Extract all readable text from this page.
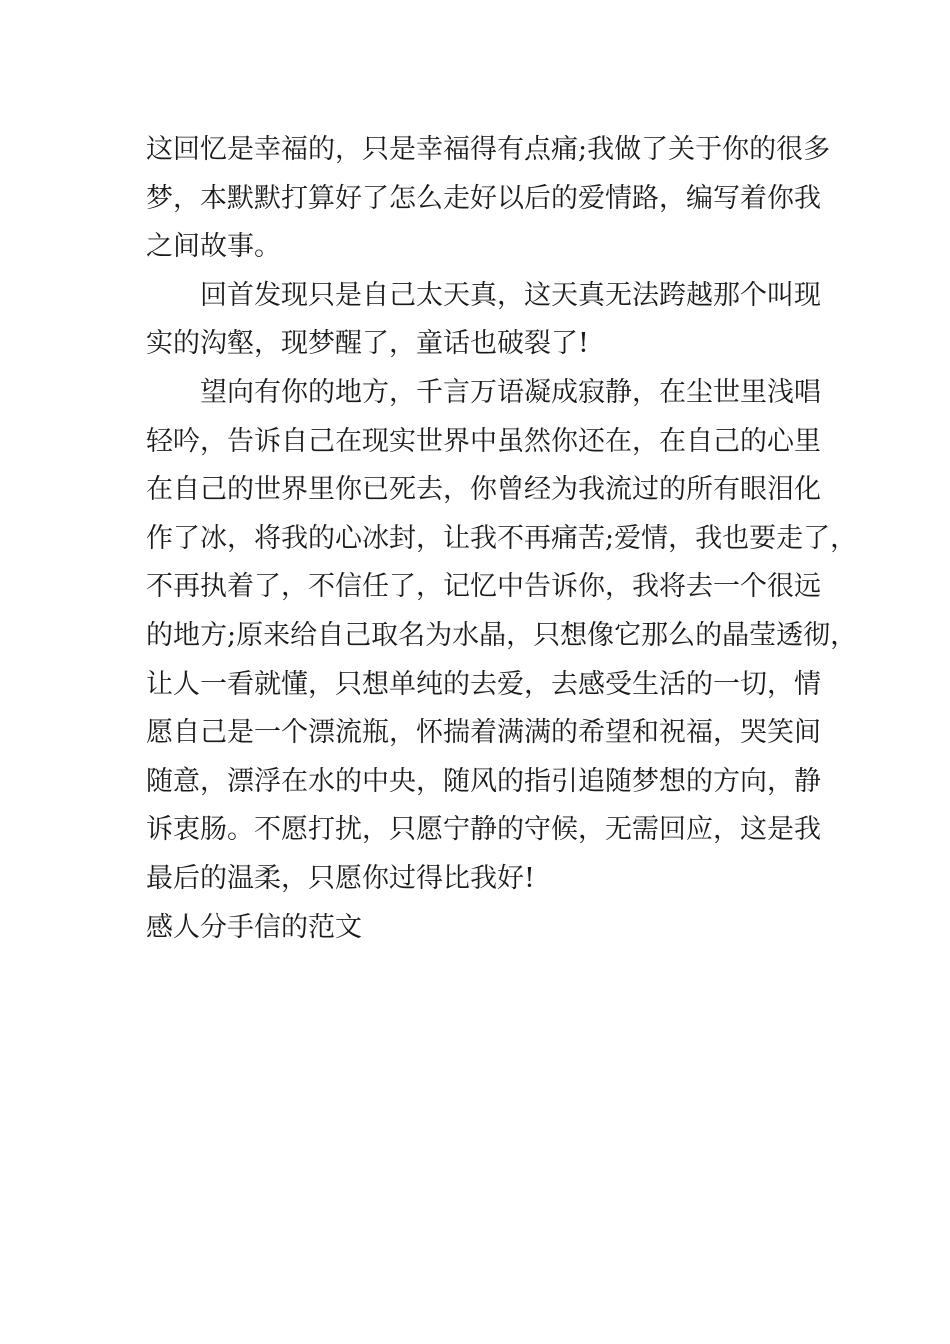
这回忆是幸福的，只是幸福得有点痛;我做了关于你的很多
梦，本默默打算好了怎么走好以后的爱情路，编写着你我
之间故事。
回首发现只是自己太天真，这天真无法跨越那个叫现
实的沟壑，现梦醒了，童话也破裂了!
望向有你的地方，千言万语凝成寂静，在尘世里浅唱
轻吟，告诉自己在现实世界中虽然你还在，在自己的心里
在自己的世界里你已死去，你曾经为我流过的所有眼泪化
作了冰，将我的心冰封，让我不再痛苦;爱情，我也要走了，
不再执着了，不信任了，记忆中告诉你，我将去一个很远
的地方;原来给自己取名为水晶，只想像它那么的晶莹透彻，
让人一看就懂，只想单纯的去爱，去感受生活的一切，情
愿自己是一个漂流瓶，怀揣着满满的希望和祝福，哭笑间
随意，漂浮在水的中央，随风的指引追随梦想的方向，静
诉衷肠。不愿打扰，只愿宁静的守候，无需回应，这是我
最后的温柔，只愿你过得比我好!
感人分手信的范文
